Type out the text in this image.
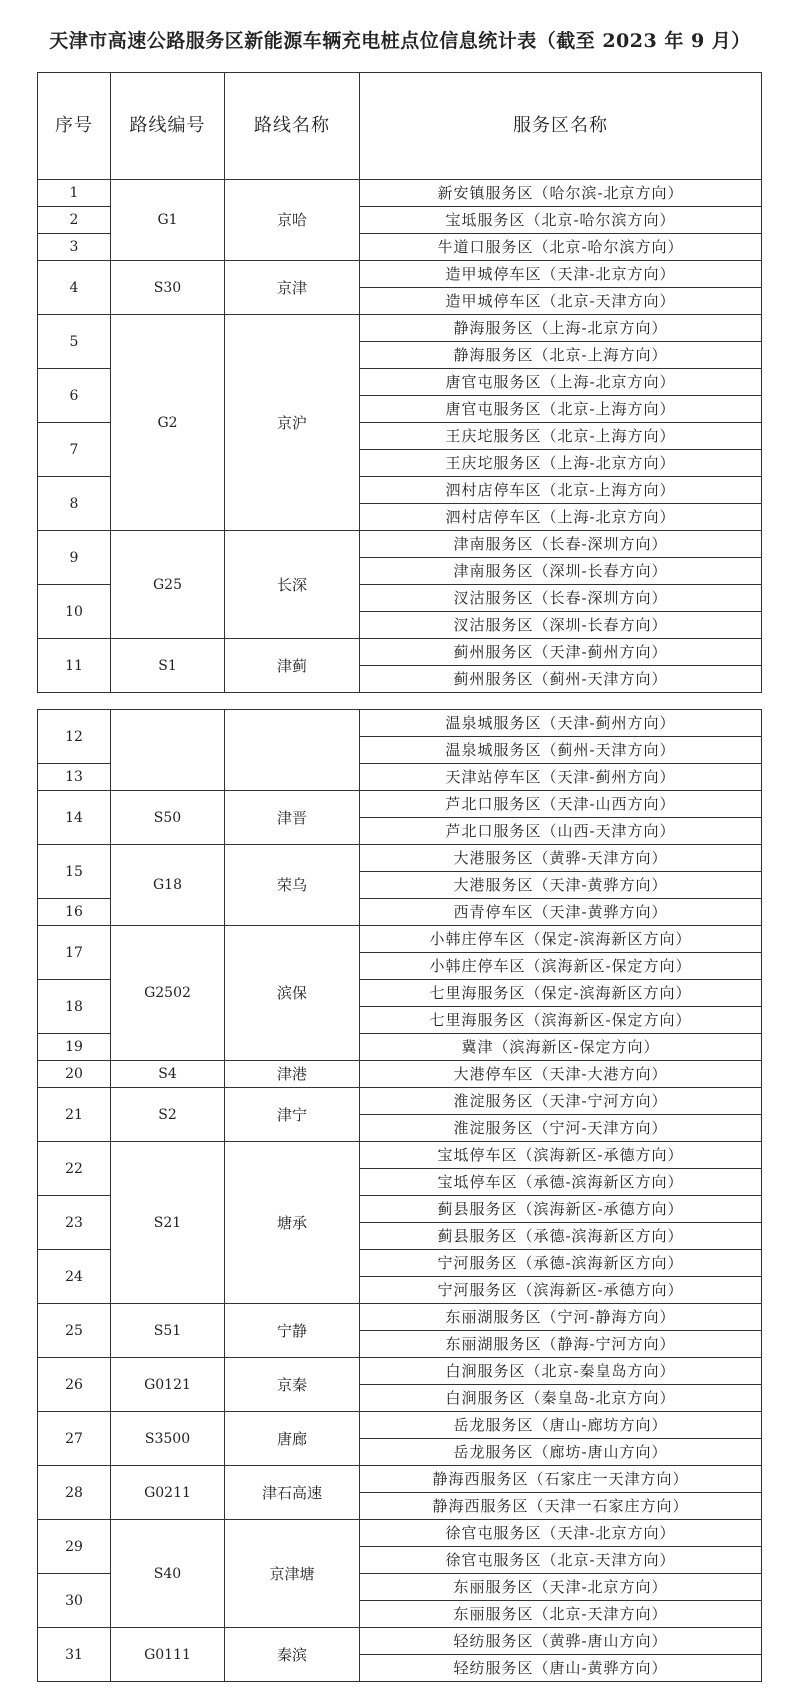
天津市高速公路服务区新能源车辆充电桩点位信息统计表（截至 2023 年 9 月）
序号	路线编号	路线名称	服务区名称
1	G1	京哈	新安镇服务区（哈尔滨-北京方向）
2			宝坻服务区（北京-哈尔滨方向）
3			牛道口服务区（北京-哈尔滨方向）
4	S30	京津	造甲城停车区（天津-北京方向）
			造甲城停车区（北京-天津方向）
5	G2	京沪	静海服务区（上海-北京方向）
			静海服务区（北京-上海方向）
6			唐官屯服务区（上海-北京方向）
			唐官屯服务区（北京-上海方向）
7			王庆坨服务区（北京-上海方向）
			王庆坨服务区（上海-北京方向）
8			泗村店停车区（北京-上海方向）
			泗村店停车区（上海-北京方向）
9	G25	长深	津南服务区（长春-深圳方向）
			津南服务区（深圳-长春方向）
10			汊沽服务区（长春-深圳方向）
			汊沽服务区（深圳-长春方向）
11	S1	津蓟	蓟州服务区（天津-蓟州方向）
			蓟州服务区（蓟州-天津方向）
12			温泉城服务区（天津-蓟州方向）
			温泉城服务区（蓟州-天津方向）
13			天津站停车区（天津-蓟州方向）
14	S50	津晋	芦北口服务区（天津-山西方向）
			芦北口服务区（山西-天津方向）
15	G18	荣乌	大港服务区（黄骅-天津方向）
			大港服务区（天津-黄骅方向）
16			西青停车区（天津-黄骅方向）
17	G2502	滨保	小韩庄停车区（保定-滨海新区方向）
			小韩庄停车区（滨海新区-保定方向）
18			七里海服务区（保定-滨海新区方向）
			七里海服务区（滨海新区-保定方向）
19			冀津（滨海新区-保定方向）
20	S4	津港	大港停车区（天津-大港方向）
21	S2	津宁	淮淀服务区（天津-宁河方向）
			淮淀服务区（宁河-天津方向）
22	S21	塘承	宝坻停车区（滨海新区-承德方向）
			宝坻停车区（承德-滨海新区方向）
23			蓟县服务区（滨海新区-承德方向）
			蓟县服务区（承德-滨海新区方向）
24			宁河服务区（承德-滨海新区方向）
			宁河服务区（滨海新区-承德方向）
25	S51	宁静	东丽湖服务区（宁河-静海方向）
			东丽湖服务区（静海-宁河方向）
26	G0121	京秦	白涧服务区（北京-秦皇岛方向）
			白涧服务区（秦皇岛-北京方向）
27	S3500	唐廊	岳龙服务区（唐山-廊坊方向）
			岳龙服务区（廊坊-唐山方向）
28	G0211	津石高速	静海西服务区（石家庄一天津方向）
			静海西服务区（天津一石家庄方向）
29	S40	京津塘	徐官屯服务区（天津-北京方向）
			徐官屯服务区（北京-天津方向）
30			东丽服务区（天津-北京方向）
			东丽服务区（北京-天津方向）
31	G0111	秦滨	轻纺服务区（黄骅-唐山方向）
			轻纺服务区（唐山-黄骅方向）
